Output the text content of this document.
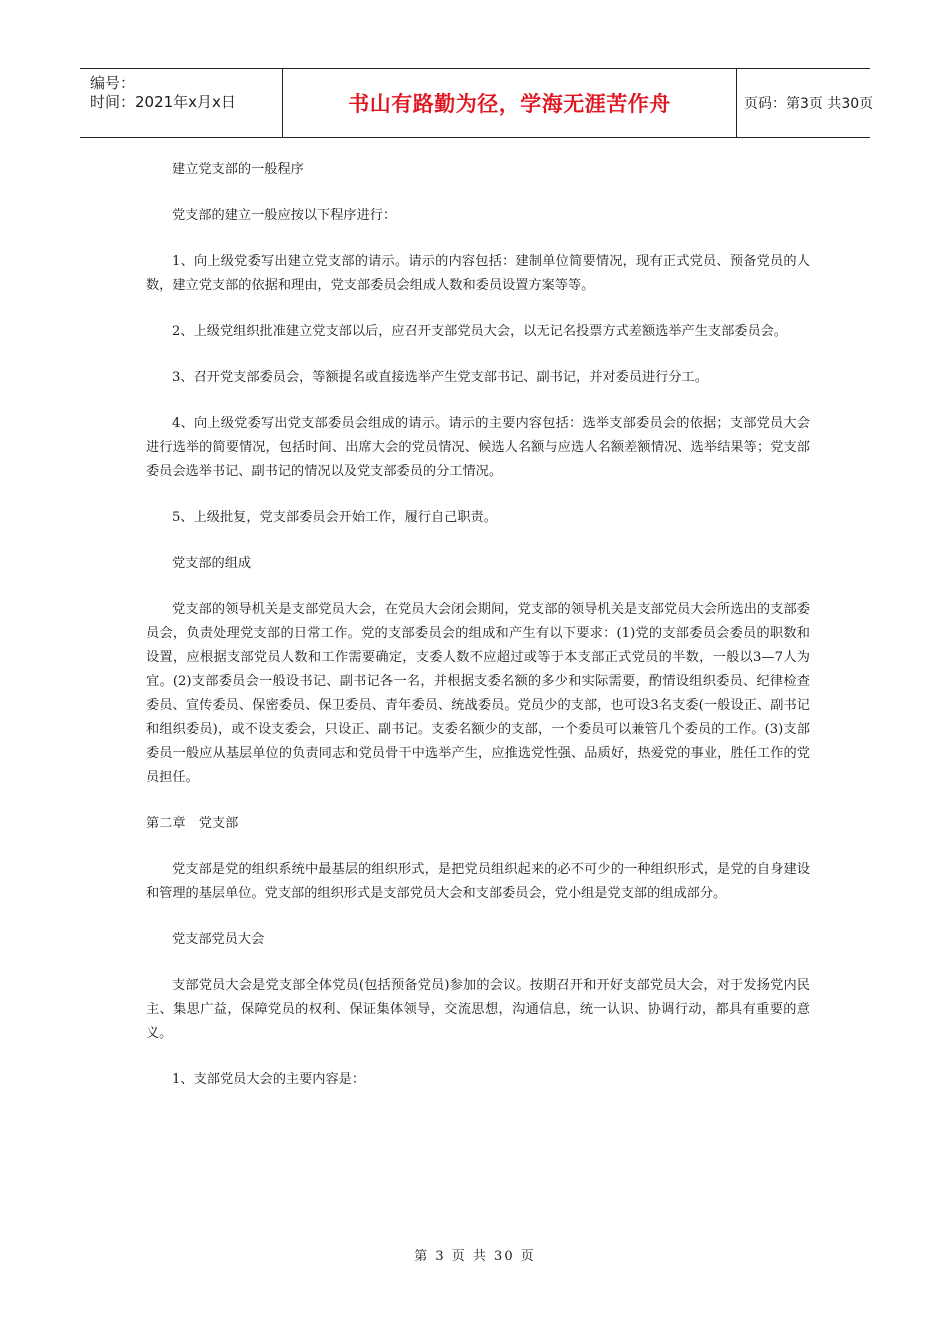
编号：
时间：2021年x月x日	书山有路勤为径，学海无涯苦作舟	页码：第3页 共30页

建立党支部的一般程序

党支部的建立一般应按以下程序进行：

1、向上级党委写出建立党支部的请示。请示的内容包括：建制单位简要情况，现有正式党员、预备党员的人数，建立党支部的依据和理由，党支部委员会组成人数和委员设置方案等等。

2、上级党组织批准建立党支部以后，应召开支部党员大会，以无记名投票方式差额选举产生支部委员会。

3、召开党支部委员会，等额提名或直接选举产生党支部书记、副书记，并对委员进行分工。

4、向上级党委写出党支部委员会组成的请示。请示的主要内容包括：选举支部委员会的依据；支部党员大会进行选举的简要情况，包括时间、出席大会的党员情况、候选人名额与应选人名额差额情况、选举结果等；党支部委员会选举书记、副书记的情况以及党支部委员的分工情况。

5、上级批复，党支部委员会开始工作，履行自己职责。

党支部的组成

党支部的领导机关是支部党员大会，在党员大会闭会期间，党支部的领导机关是支部党员大会所选出的支部委员会，负责处理党支部的日常工作。党的支部委员会的组成和产生有以下要求：(1)党的支部委员会委员的职数和设置，应根据支部党员人数和工作需要确定，支委人数不应超过或等于本支部正式党员的半数，一般以3—7人为宜。(2)支部委员会一般设书记、副书记各一名，并根据支委名额的多少和实际需要，酌情设组织委员、纪律检查委员、宣传委员、保密委员、保卫委员、青年委员、统战委员。党员少的支部，也可设3名支委(一般设正、副书记和组织委员)，或不设支委会，只设正、副书记。支委名额少的支部，一个委员可以兼管几个委员的工作。(3)支部委员一般应从基层单位的负责同志和党员骨干中选举产生，应推选党性强、品质好，热爱党的事业，胜任工作的党员担任。

第二章　党支部

党支部是党的组织系统中最基层的组织形式，是把党员组织起来的必不可少的一种组织形式，是党的自身建设和管理的基层单位。党支部的组织形式是支部党员大会和支部委员会，党小组是党支部的组成部分。

党支部党员大会

支部党员大会是党支部全体党员(包括预备党员)参加的会议。按期召开和开好支部党员大会，对于发扬党内民主、集思广益，保障党员的权利、保证集体领导，交流思想，沟通信息，统一认识、协调行动，都具有重要的意义。

1、支部党员大会的主要内容是：

第 3 页 共 30 页
